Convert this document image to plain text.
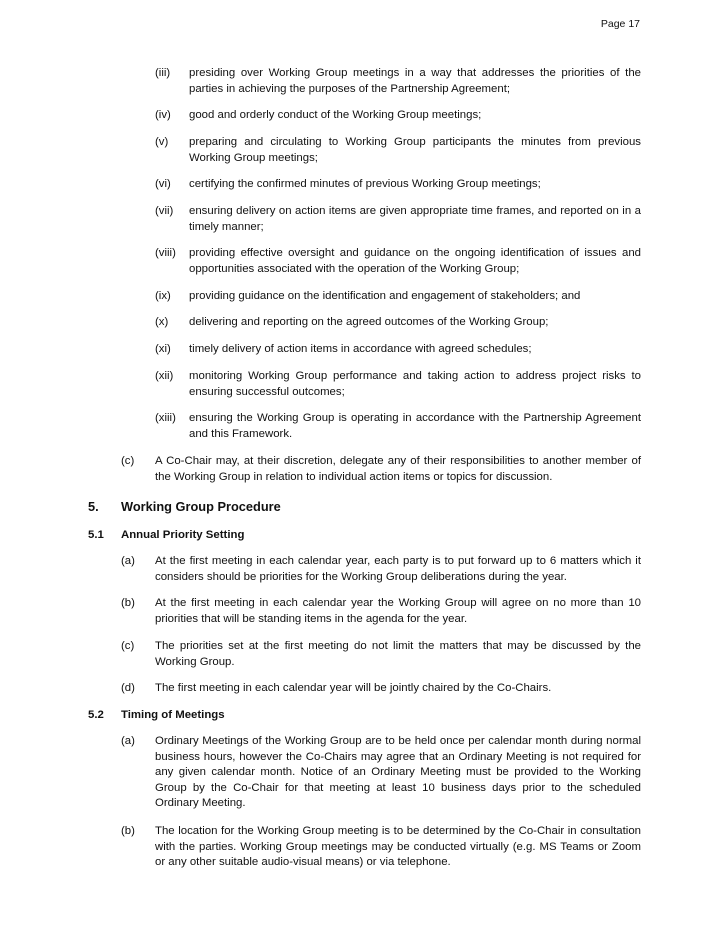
Page 17
(iii) presiding over Working Group meetings in a way that addresses the priorities of the parties in achieving the purposes of the Partnership Agreement;
(iv) good and orderly conduct of the Working Group meetings;
(v) preparing and circulating to Working Group participants the minutes from previous Working Group meetings;
(vi) certifying the confirmed minutes of previous Working Group meetings;
(vii) ensuring delivery on action items are given appropriate time frames, and reported on in a timely manner;
(viii) providing effective oversight and guidance on the ongoing identification of issues and opportunities associated with the operation of the Working Group;
(ix) providing guidance on the identification and engagement of stakeholders; and
(x) delivering and reporting on the agreed outcomes of the Working Group;
(xi) timely delivery of action items in accordance with agreed schedules;
(xii) monitoring Working Group performance and taking action to address project risks to ensuring successful outcomes;
(xiii) ensuring the Working Group is operating in accordance with the Partnership Agreement and this Framework.
(c) A Co-Chair may, at their discretion, delegate any of their responsibilities to another member of the Working Group in relation to individual action items or topics for discussion.
5. Working Group Procedure
5.1 Annual Priority Setting
(a) At the first meeting in each calendar year, each party is to put forward up to 6 matters which it considers should be priorities for the Working Group deliberations during the year.
(b) At the first meeting in each calendar year the Working Group will agree on no more than 10 priorities that will be standing items in the agenda for the year.
(c) The priorities set at the first meeting do not limit the matters that may be discussed by the Working Group.
(d) The first meeting in each calendar year will be jointly chaired by the Co-Chairs.
5.2 Timing of Meetings
(a) Ordinary Meetings of the Working Group are to be held once per calendar month during normal business hours, however the Co-Chairs may agree that an Ordinary Meeting is not required for any given calendar month. Notice of an Ordinary Meeting must be provided to the Working Group by the Co-Chair for that meeting at least 10 business days prior to the scheduled Ordinary Meeting.
(b) The location for the Working Group meeting is to be determined by the Co-Chair in consultation with the parties. Working Group meetings may be conducted virtually (e.g. MS Teams or Zoom or any other suitable audio-visual means) or via telephone.
